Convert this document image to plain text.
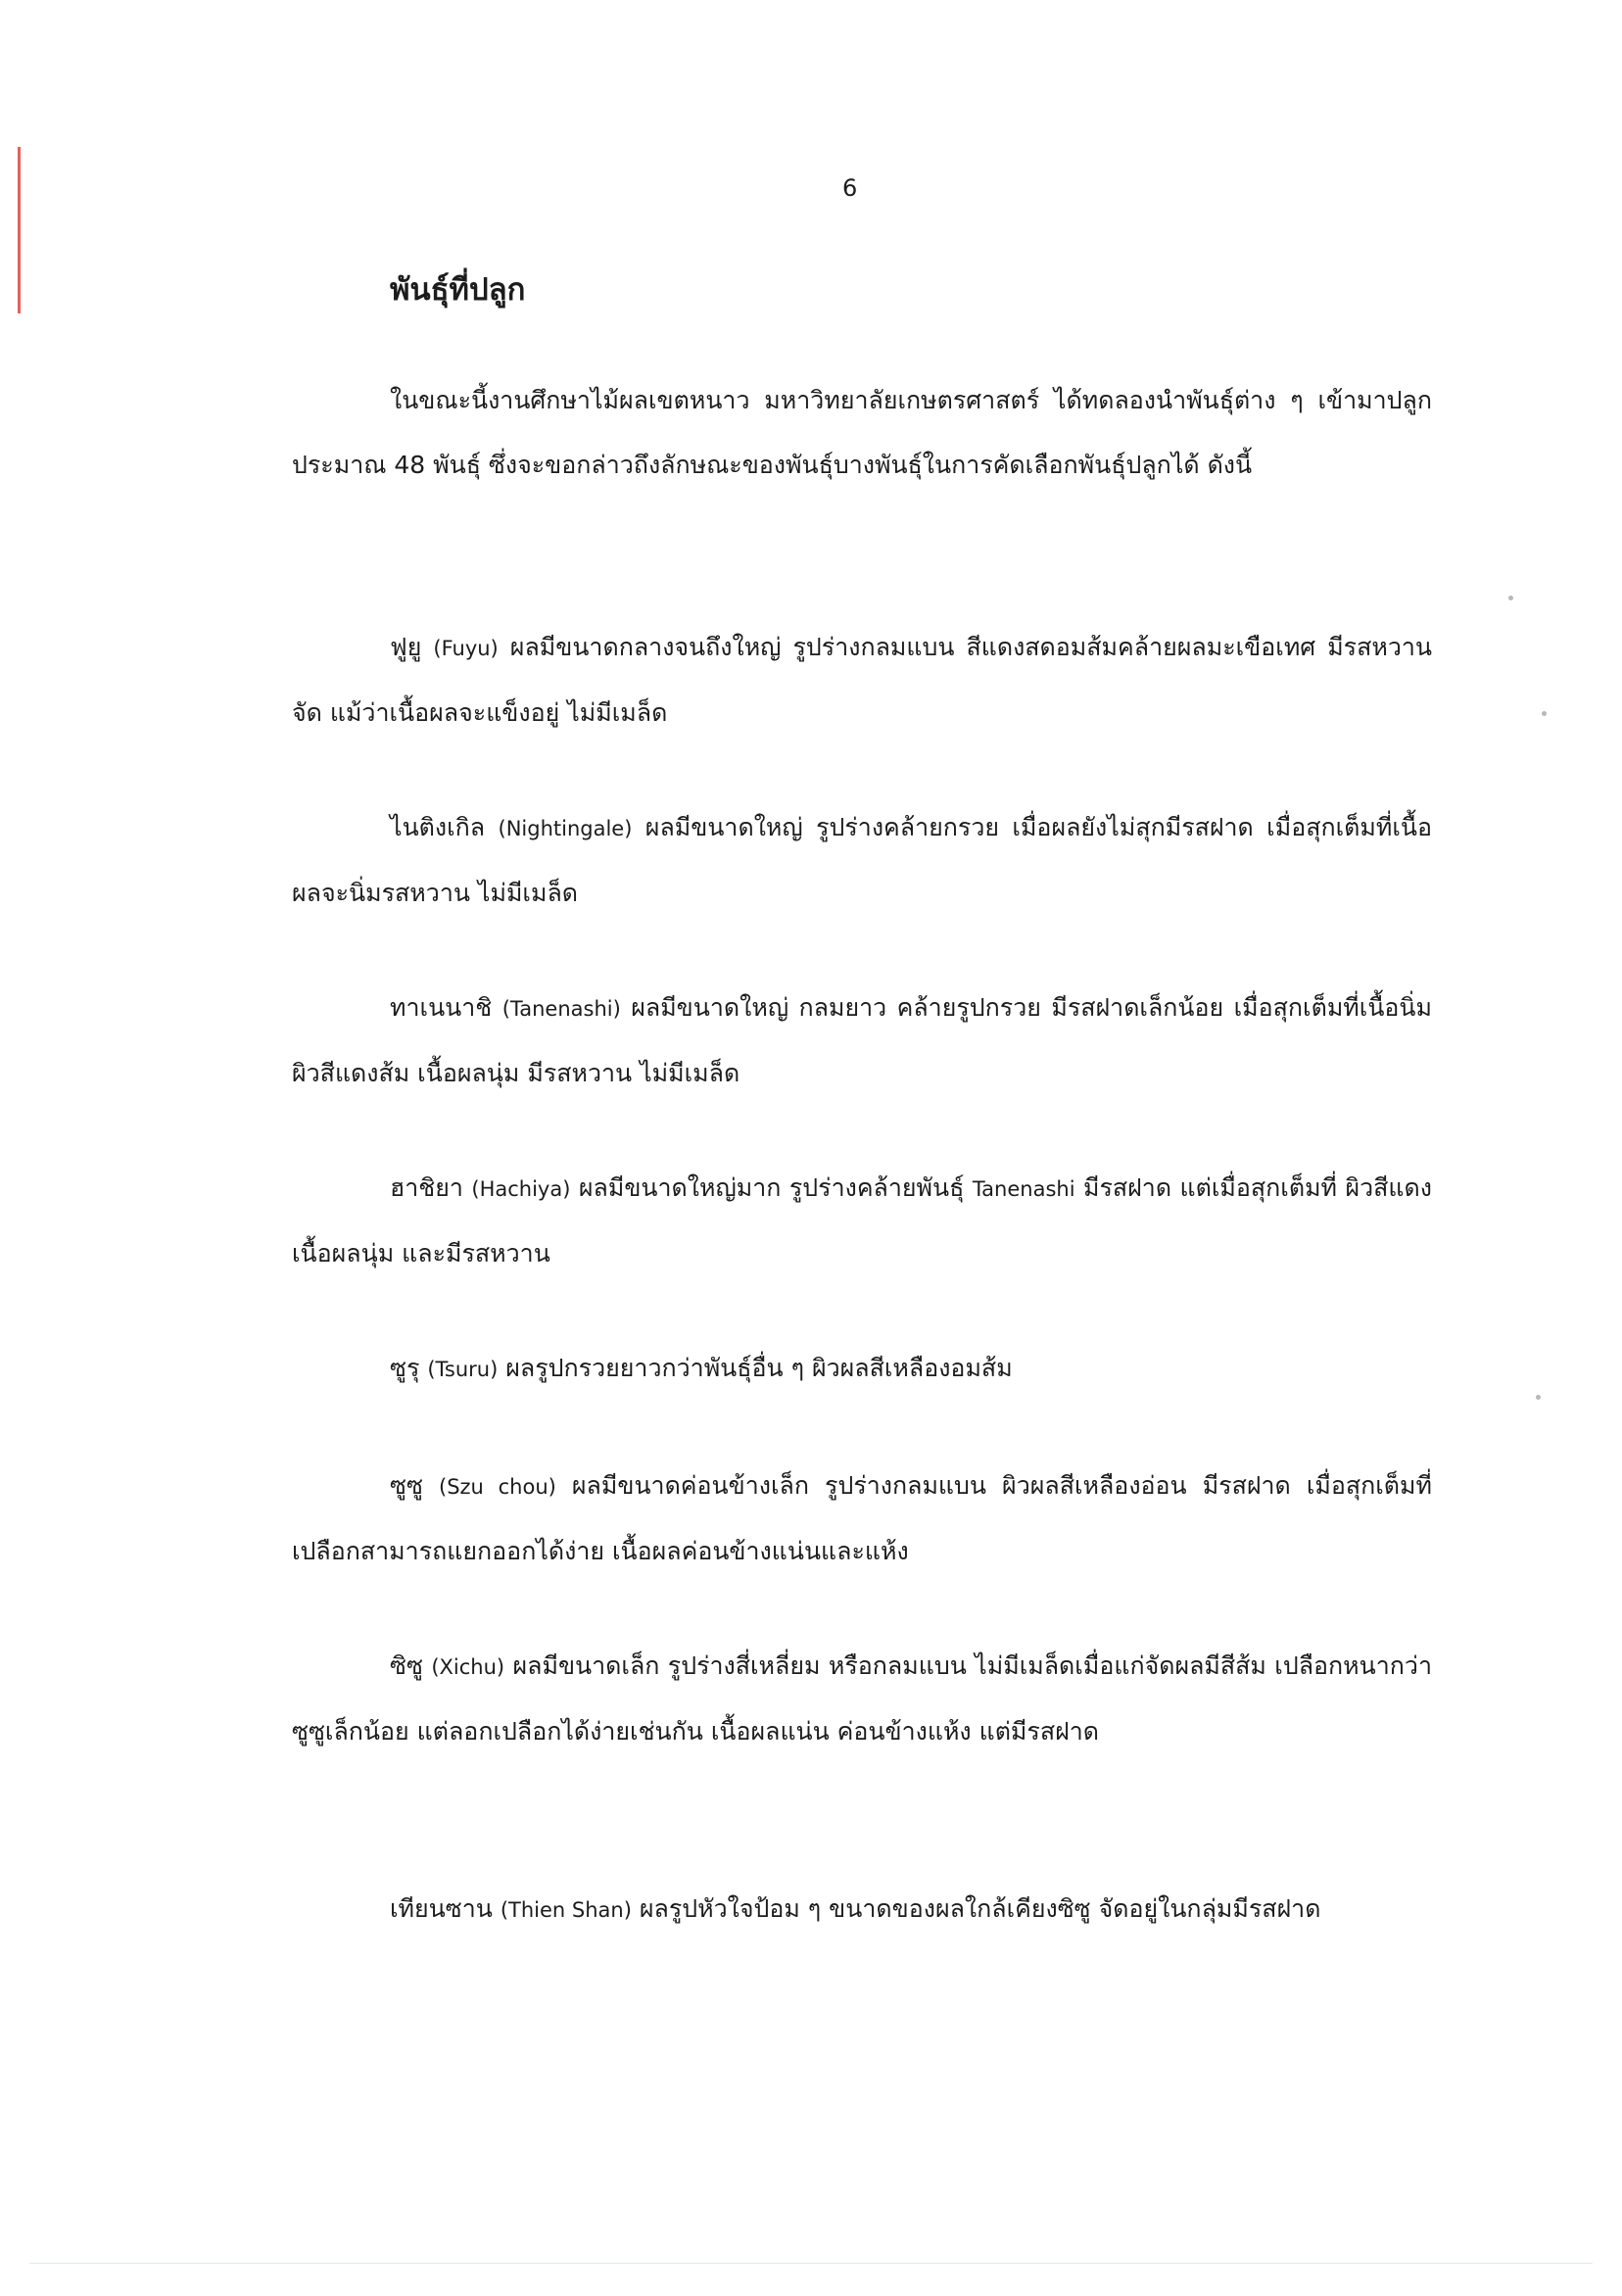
6
พันธุ์ที่ปลูก

ในขณะนี้งานศึกษาไม้ผลเขตหนาว มหาวิทยาลัยเกษตรศาสตร์ ได้ทดลองนำพันธุ์ต่าง ๆ เข้ามาปลูกประมาณ 48 พันธุ์ ซึ่งจะขอกล่าวถึงลักษณะของพันธุ์บางพันธุ์ในการคัดเลือกพันธุ์ปลูกได้ ดังนี้

ฟูยู (Fuyu) ผลมีขนาดกลางจนถึงใหญ่ รูปร่างกลมแบน สีแดงสดอมส้มคล้ายผลมะเขือเทศ มีรสหวานจัด แม้ว่าเนื้อผลจะแข็งอยู่ ไม่มีเมล็ด

ไนติงเกิล (Nightingale) ผลมีขนาดใหญ่ รูปร่างคล้ายกรวย เมื่อผลยังไม่สุกมีรสฝาด เมื่อสุกเต็มที่เนื้อผลจะนิ่มรสหวาน ไม่มีเมล็ด

ทาเนนาชิ (Tanenashi) ผลมีขนาดใหญ่ กลมยาว คล้ายรูปกรวย มีรสฝาดเล็กน้อย เมื่อสุกเต็มที่เนื้อนิ่ม ผิวสีแดงส้ม เนื้อผลนุ่ม มีรสหวาน ไม่มีเมล็ด

ฮาชิยา (Hachiya) ผลมีขนาดใหญ่มาก รูปร่างคล้ายพันธุ์ Tanenashi มีรสฝาด แต่เมื่อสุกเต็มที่ ผิวสีแดง เนื้อผลนุ่ม และมีรสหวาน

ซูรุ (Tsuru) ผลรูปกรวยยาวกว่าพันธุ์อื่น ๆ ผิวผลสีเหลืองอมส้ม

ซูซู (Szu chou) ผลมีขนาดค่อนข้างเล็ก รูปร่างกลมแบน ผิวผลสีเหลืองอ่อน มีรสฝาด เมื่อสุกเต็มที่เปลือกสามารถแยกออกได้ง่าย เนื้อผลค่อนข้างแน่นและแห้ง

ซิซู (Xichu) ผลมีขนาดเล็ก รูปร่างสี่เหลี่ยม หรือกลมแบน ไม่มีเมล็ดเมื่อแก่จัดผลมีสีส้ม เปลือกหนากว่าซูซูเล็กน้อย แต่ลอกเปลือกได้ง่ายเช่นกัน เนื้อผลแน่น ค่อนข้างแห้ง แต่มีรสฝาด

เทียนซาน (Thien Shan) ผลรูปหัวใจป้อม ๆ ขนาดของผลใกล้เคียงซิซู จัดอยู่ในกลุ่มมีรสฝาด
